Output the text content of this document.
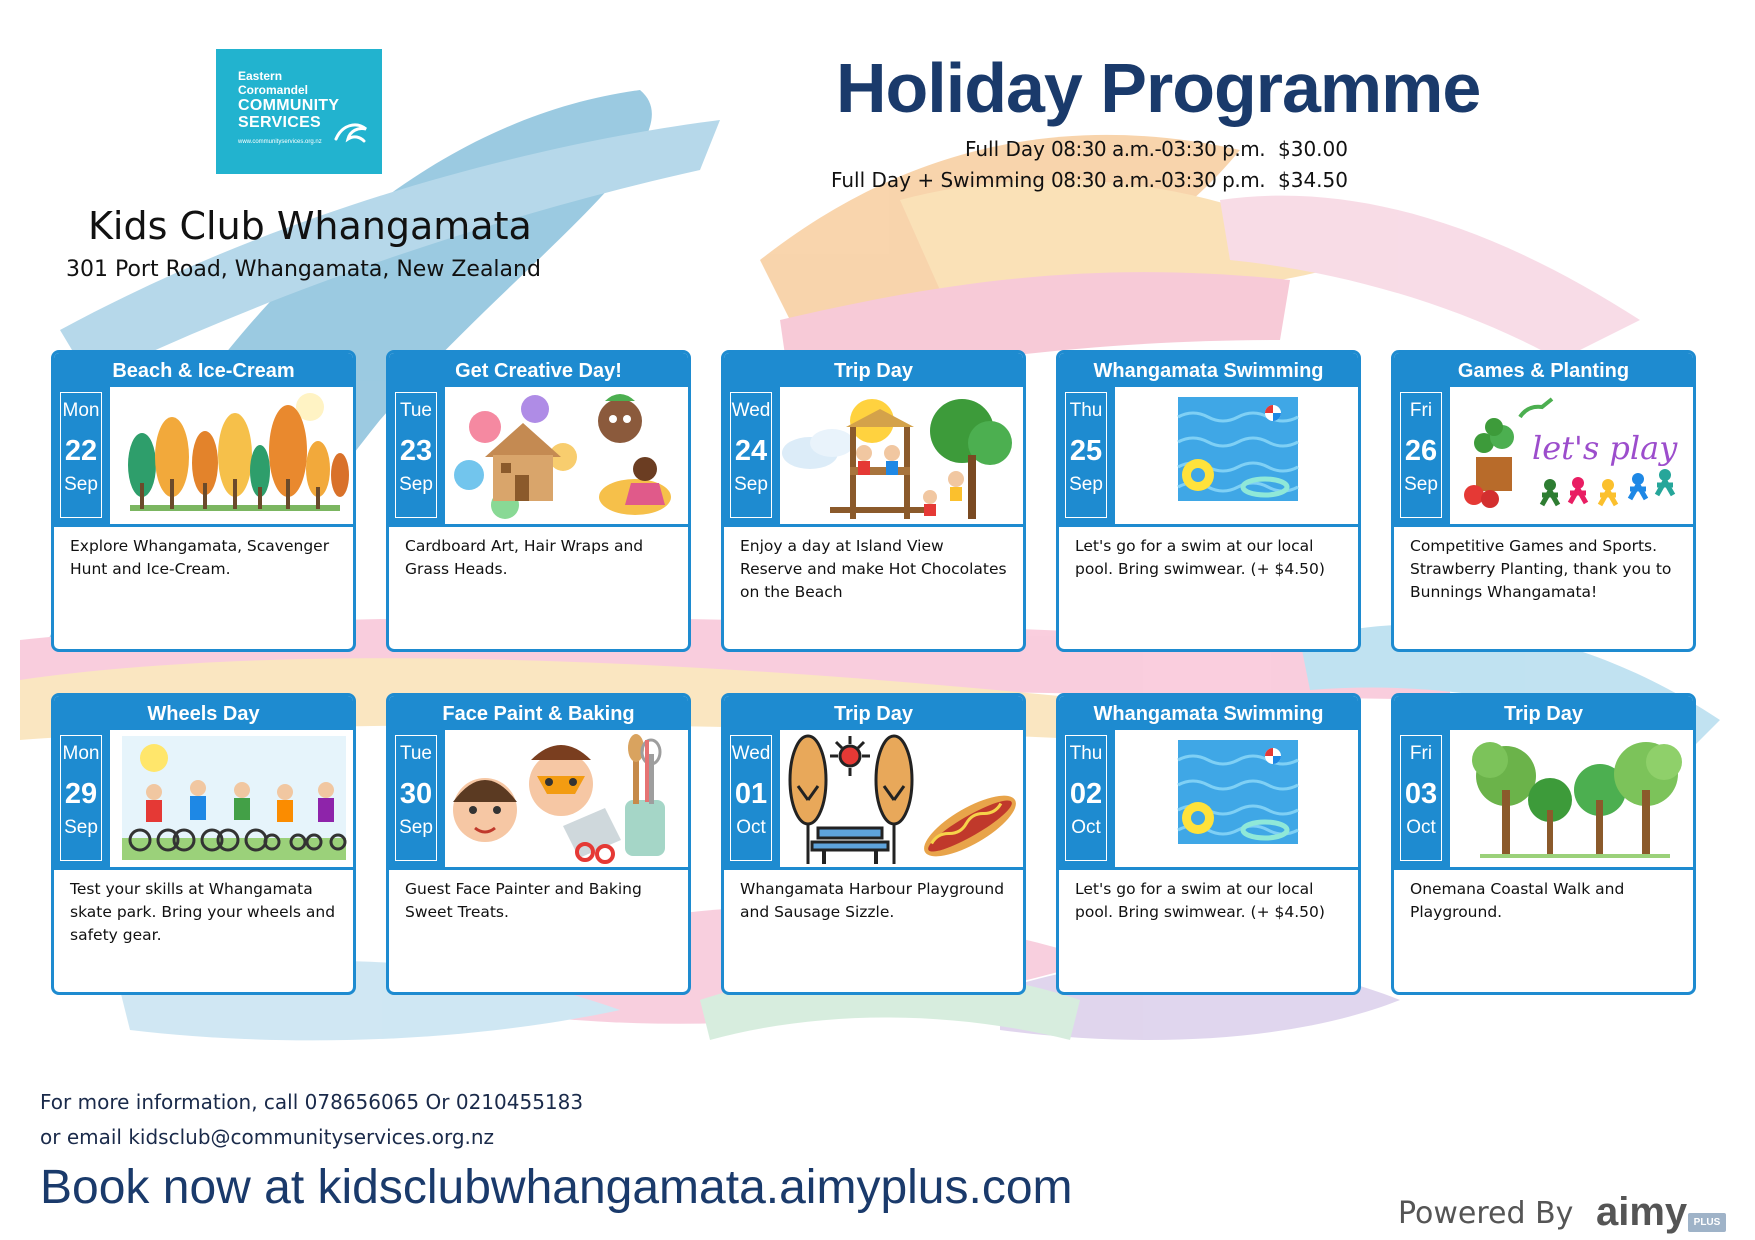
Eastern
Coromandel
COMMUNITY
SERVICES
www.communityservices.org.nz
Kids Club Whangamata
301 Port Road, Whangamata, New Zealand
Holiday Programme
Full Day 08:30 a.m.-03:30 p.m. $30.00
Full Day + Swimming 08:30 a.m.-03:30 p.m. $34.50
Beach & Ice-Cream
Mon
22
Sep
Explore Whangamata, Scavenger Hunt and Ice-Cream.
Get Creative Day!
Tue
23
Sep
Cardboard Art, Hair Wraps and Grass Heads.
Trip Day
Wed
24
Sep
Enjoy a day at Island View Reserve and make Hot Chocolates on the Beach
Whangamata Swimming
Thu
25
Sep
Let's go for a swim at our local pool. Bring swimwear. (+ $4.50)
Games & Planting
Fri
26
Sep
Competitive Games and Sports. Strawberry Planting, thank you to Bunnings Whangamata!
Wheels Day
Mon
29
Sep
Test your skills at Whangamata skate park. Bring your wheels and safety gear.
Face Paint & Baking
Tue
30
Sep
Guest Face Painter and Baking Sweet Treats.
Trip Day
Wed
01
Oct
Whangamata Harbour Playground and Sausage Sizzle.
Whangamata Swimming
Thu
02
Oct
Let's go for a swim at our local pool. Bring swimwear. (+ $4.50)
Trip Day
Fri
03
Oct
Onemana Coastal Walk and Playground.
For more information, call 078656065 Or 0210455183
or email kidsclub@communityservices.org.nz
Book now at kidsclubwhangamata.aimyplus.com	Powered By aimy PLUS
